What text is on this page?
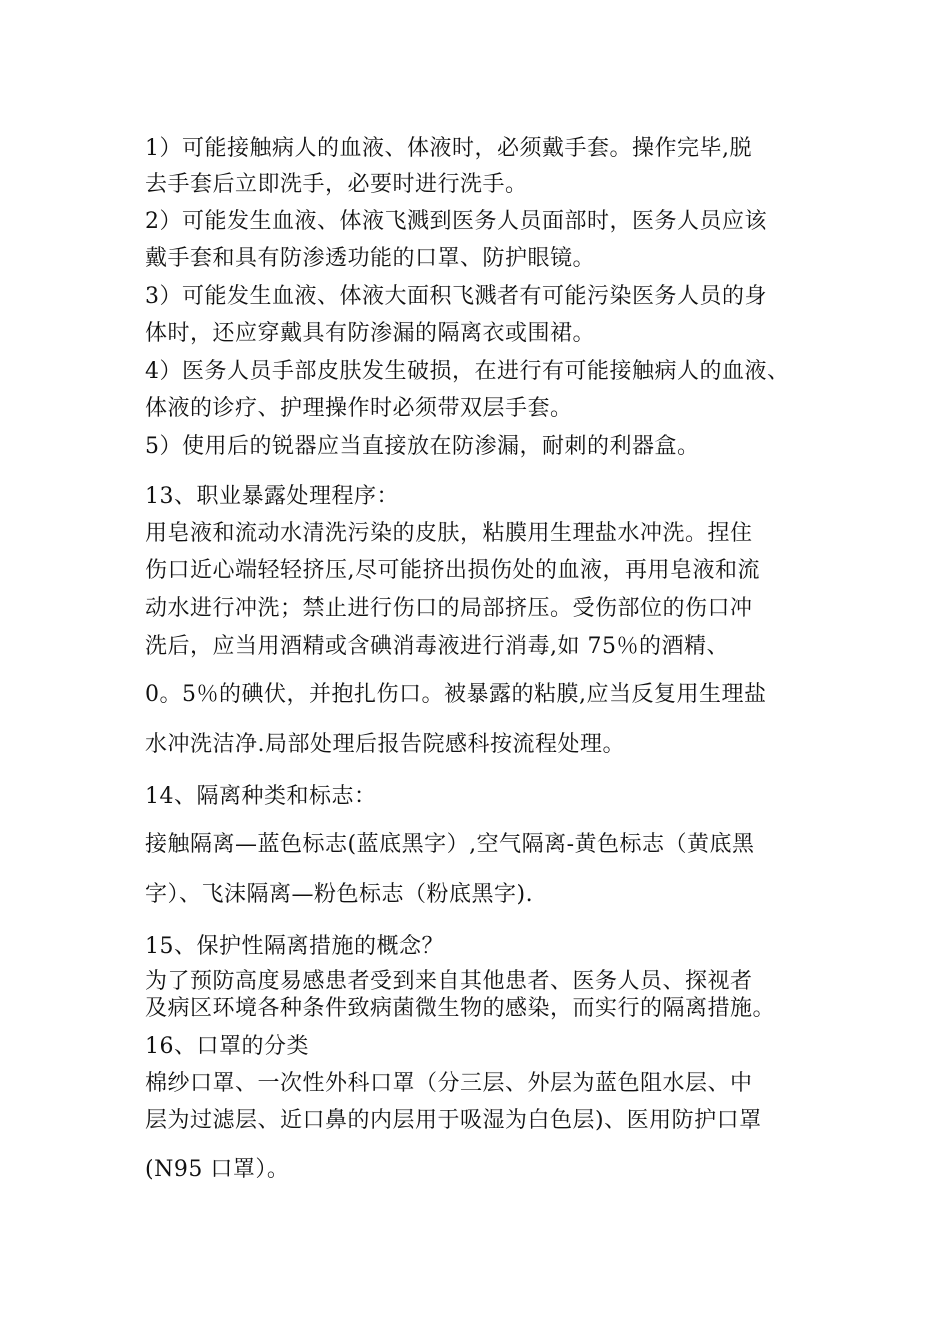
1）可能接触病人的血液、体液时，必须戴手套。操作完毕,脱
去手套后立即洗手，必要时进行洗手。
2）可能发生血液、体液飞溅到医务人员面部时，医务人员应该
戴手套和具有防渗透功能的口罩、防护眼镜。
3）可能发生血液、体液大面积飞溅者有可能污染医务人员的身
体时，还应穿戴具有防渗漏的隔离衣或围裙。
4）医务人员手部皮肤发生破损，在进行有可能接触病人的血液、
体液的诊疗、护理操作时必须带双层手套。
5）使用后的锐器应当直接放在防渗漏，耐刺的利器盒。
13、职业暴露处理程序：
用皂液和流动水清洗污染的皮肤，粘膜用生理盐水冲洗。捏住
伤口近心端轻轻挤压,尽可能挤出损伤处的血液，再用皂液和流
动水进行冲洗；禁止进行伤口的局部挤压。受伤部位的伤口冲
洗后，应当用酒精或含碘消毒液进行消毒,如 75％的酒精、
0。5％的碘伏，并抱扎伤口。被暴露的粘膜,应当反复用生理盐
水冲洗洁净.局部处理后报告院感科按流程处理。
14、隔离种类和标志：
接触隔离—蓝色标志(蓝底黑字）,空气隔离-黄色标志（黄底黑
字）、飞沫隔离—粉色标志（粉底黑字).
15、保护性隔离措施的概念？
为了预防高度易感患者受到来自其他患者、医务人员、探视者
及病区环境各种条件致病菌微生物的感染，而实行的隔离措施。
16、口罩的分类
棉纱口罩、一次性外科口罩（分三层、外层为蓝色阻水层、中
层为过滤层、近口鼻的内层用于吸湿为白色层)、医用防护口罩
(N95 口罩）。
